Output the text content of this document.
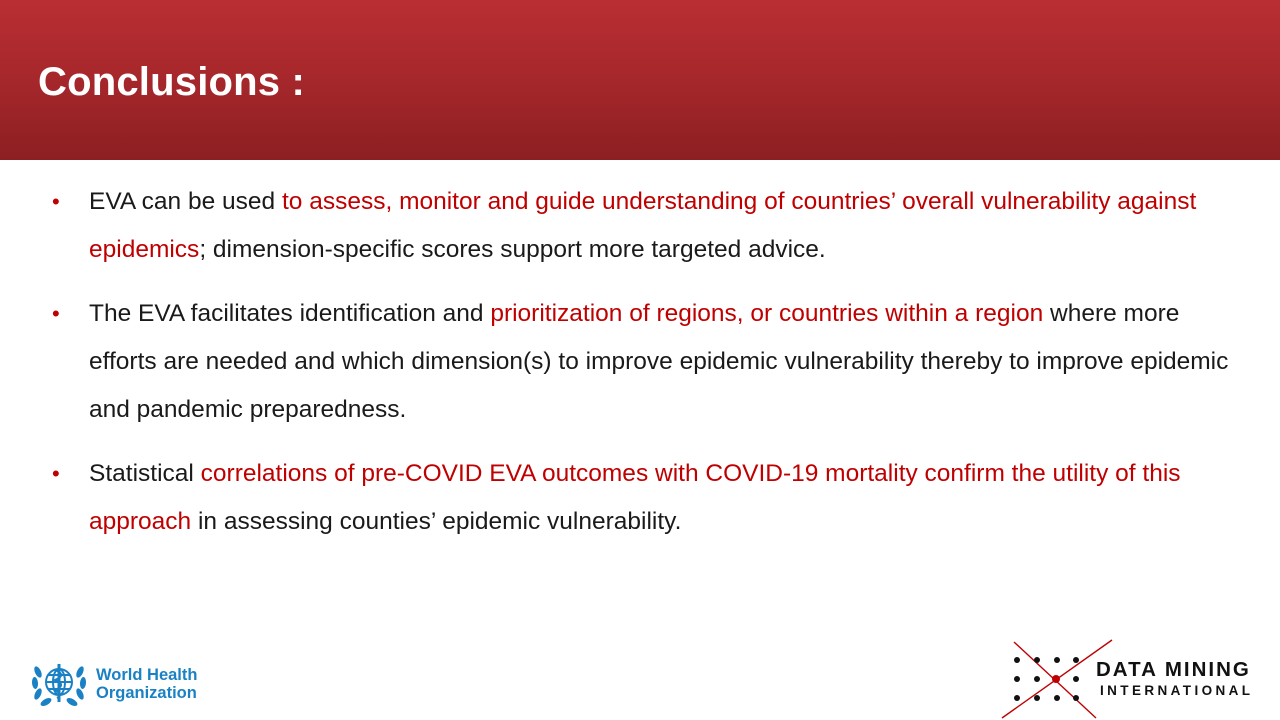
Conclusions :
• EVA can be used to assess, monitor and guide understanding of countries’ overall vulnerability against epidemics; dimension-specific scores support more targeted advice.
• The EVA facilitates identification and prioritization of regions, or countries within a region where more efforts are needed and which dimension(s) to improve epidemic vulnerability thereby to improve epidemic and pandemic preparedness.
• Statistical correlations of pre-COVID EVA outcomes with COVID-19 mortality confirm the utility of this approach in assessing counties’ epidemic vulnerability.
World Health
Organization
DATA MINING
INTERNATIONAL
